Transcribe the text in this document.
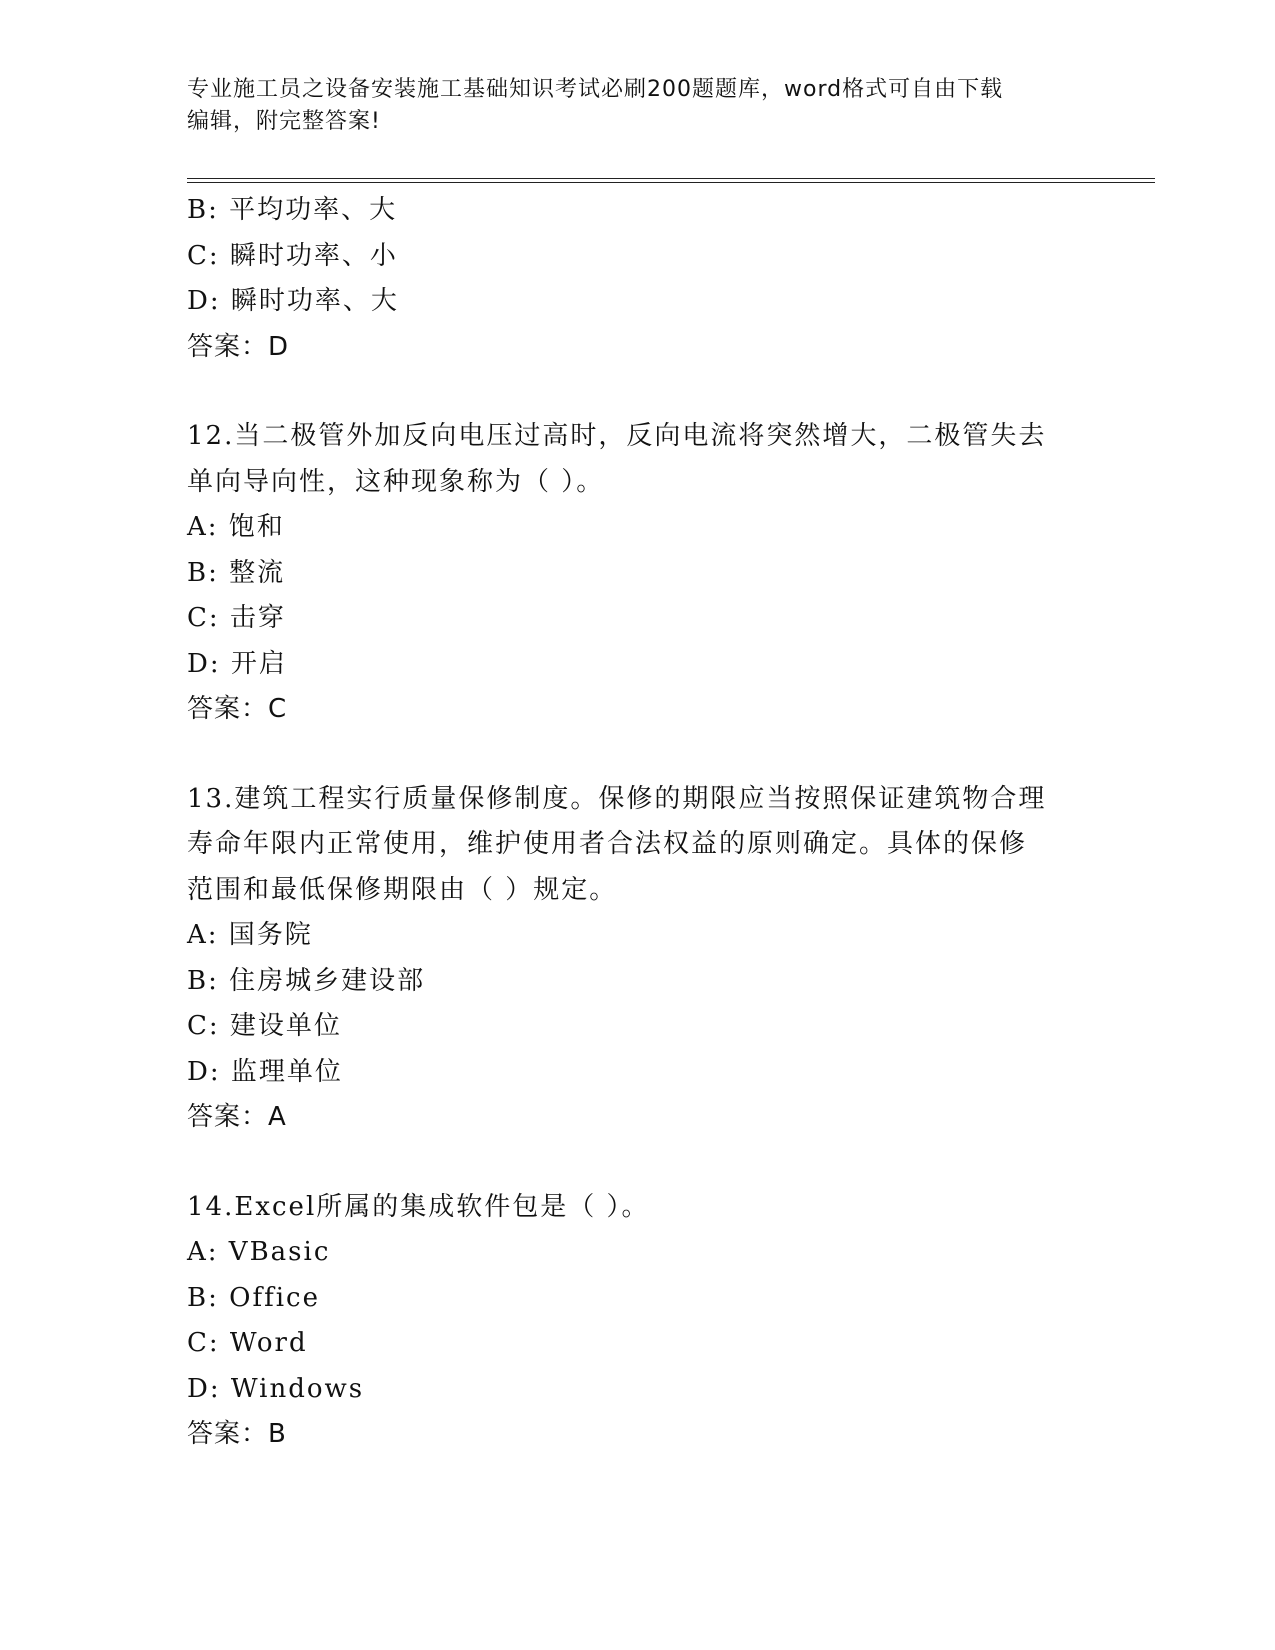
专业施工员之设备安装施工基础知识考试必刷200题题库，word格式可自由下载
编辑，附完整答案!
B: 平均功率、大
C: 瞬时功率、小
D: 瞬时功率、大
答案：D
12.当二极管外加反向电压过高时，反向电流将突然增大，二极管失去
单向导向性，这种现象称为（ ）。
A: 饱和
B: 整流
C: 击穿
D: 开启
答案：C
13.建筑工程实行质量保修制度。保修的期限应当按照保证建筑物合理
寿命年限内正常使用，维护使用者合法权益的原则确定。具体的保修
范围和最低保修期限由（ ）规定。
A: 国务院
B: 住房城乡建设部
C: 建设单位
D: 监理单位
答案：A
14.Excel所属的集成软件包是（ ）。
A: VBasic
B: Office
C: Word
D: Windows
答案：B
